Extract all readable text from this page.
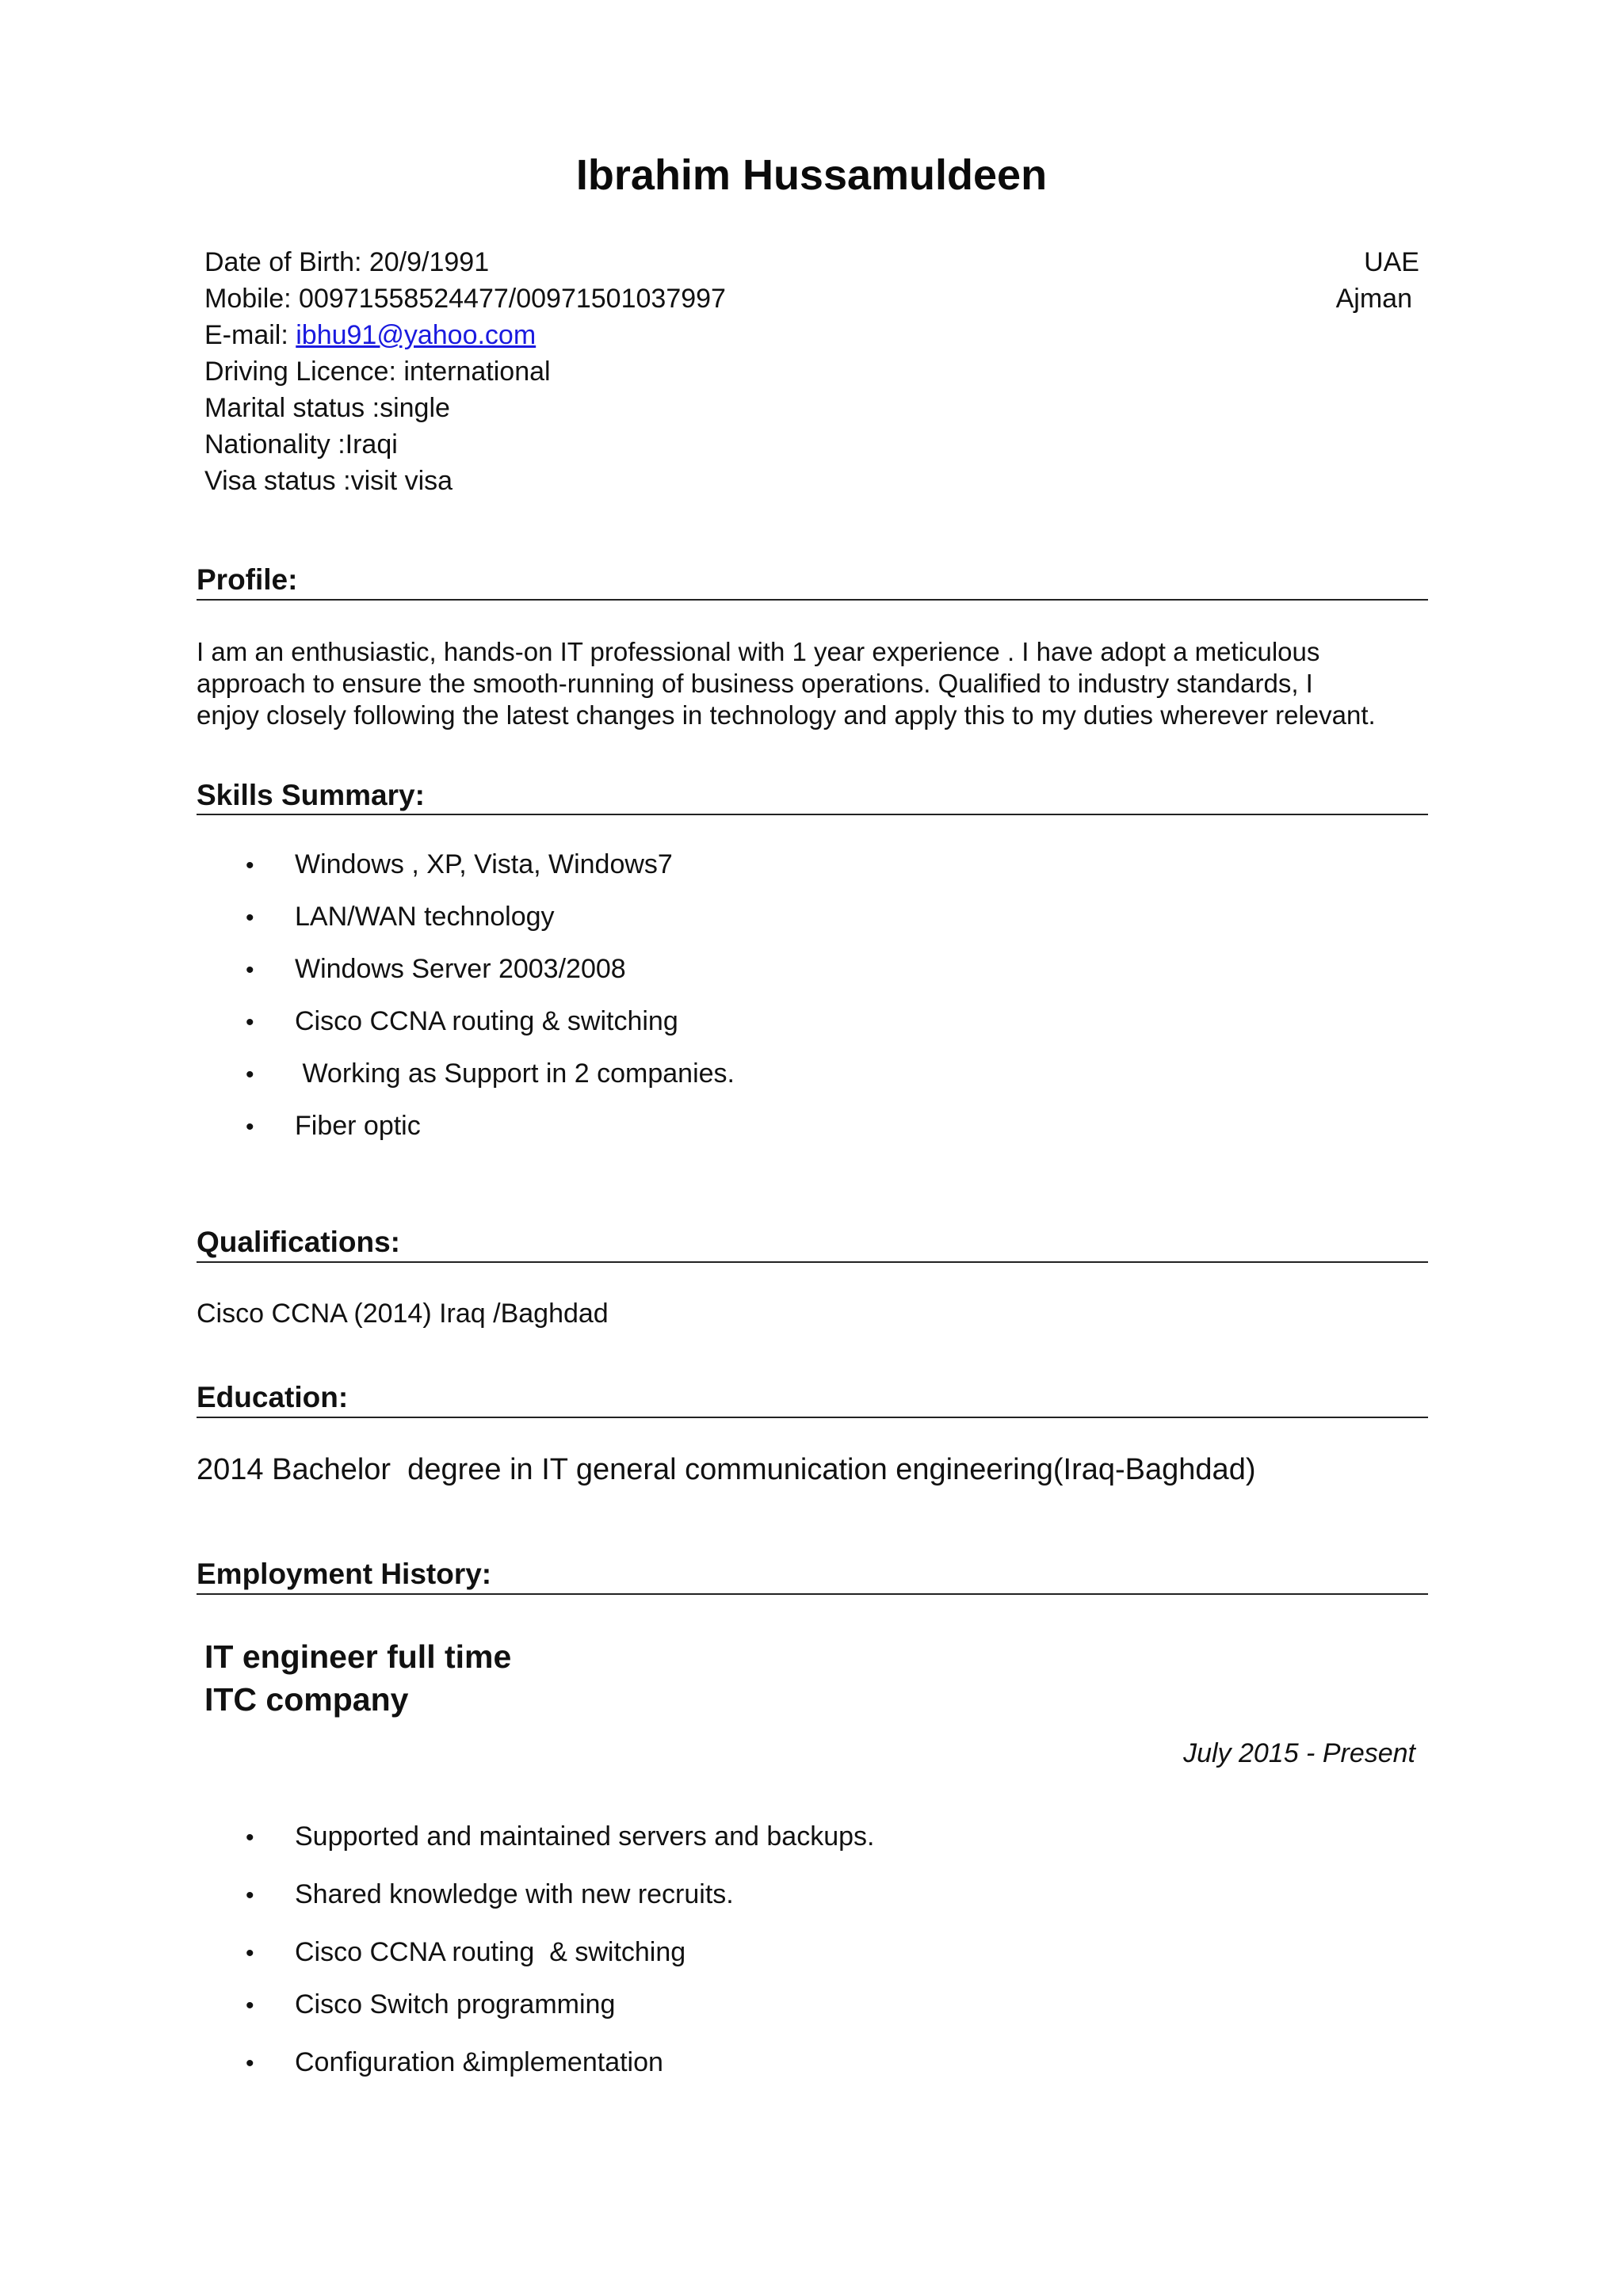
Ibrahim Hussamuldeen
Date of Birth: 20/9/1991
Mobile: 00971558524477/00971501037997
E-mail: ibhu91@yahoo.com
Driving Licence: international
Marital status :single
Nationality :Iraqi
Visa status :visit visa
UAE
Ajman
Profile:
I am an enthusiastic, hands-on IT professional with 1 year experience . I have adopt a meticulous
approach to ensure the smooth-running of business operations. Qualified to industry standards, I
enjoy closely following the latest changes in technology and apply this to my duties wherever relevant.
Skills Summary:
• Windows , XP, Vista, Windows7
• LAN/WAN technology
• Windows Server 2003/2008
• Cisco CCNA routing & switching
• Working as Support in 2 companies.
• Fiber optic
Qualifications:
Cisco CCNA (2014) Iraq /Baghdad
Education:
2014 Bachelor  degree in IT general communication engineering(Iraq-Baghdad)
Employment History:
IT engineer full time
ITC company
July 2015 - Present
• Supported and maintained servers and backups.
• Shared knowledge with new recruits.
• Cisco CCNA routing  & switching
• Cisco Switch programming
• Configuration &implementation
